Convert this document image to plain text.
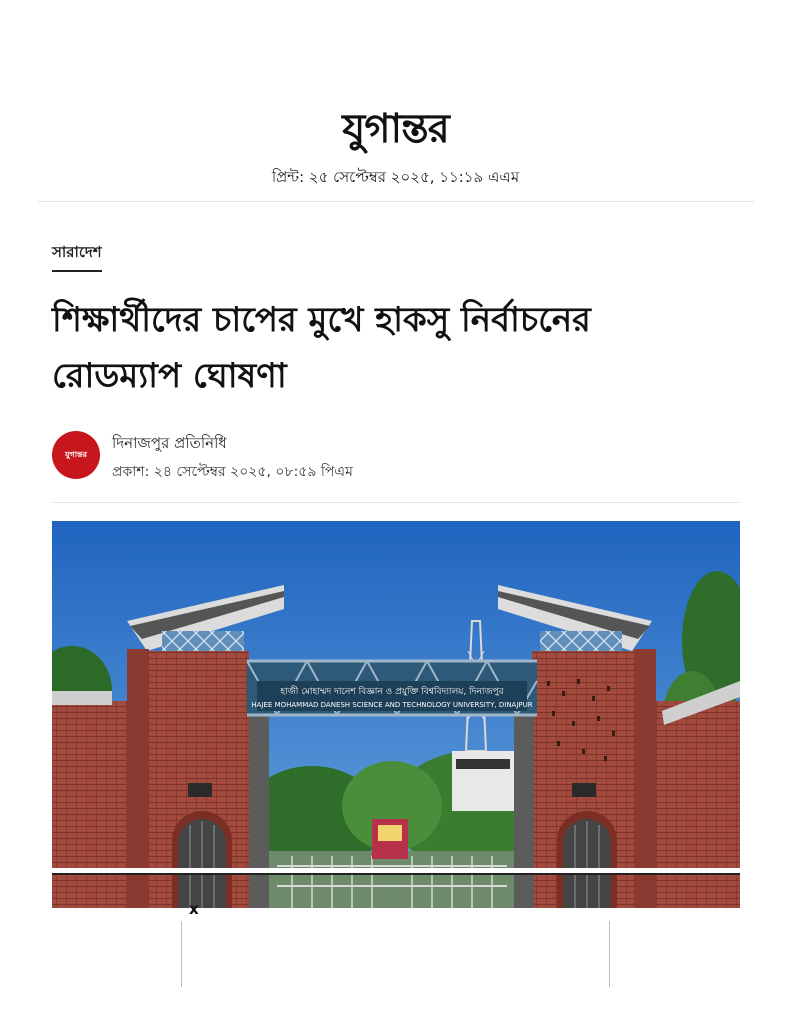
যুগান্তর
প্রিন্ট: ২৫ সেপ্টেম্বর ২০২৫, ১১:১৯ এএম
সারাদেশ
শিক্ষার্থীদের চাপের মুখে হাকসু নির্বাচনের রোডম্যাপ ঘোষণা
যুগান্তর
দিনাজপুর প্রতিনিধি
প্রকাশ: ২৪ সেপ্টেম্বর ২০২৫, ০৮:৫৯ পিএম
হাজী মোহাম্মদ দানেশ বিজ্ঞান ও প্রযুক্তি বিশ্ববিদ্যালয়, দিনাজপুর
HAJEE MOHAMMAD DANESH SCIENCE AND TECHNOLOGY UNIVERSITY, DINAJPUR
x
